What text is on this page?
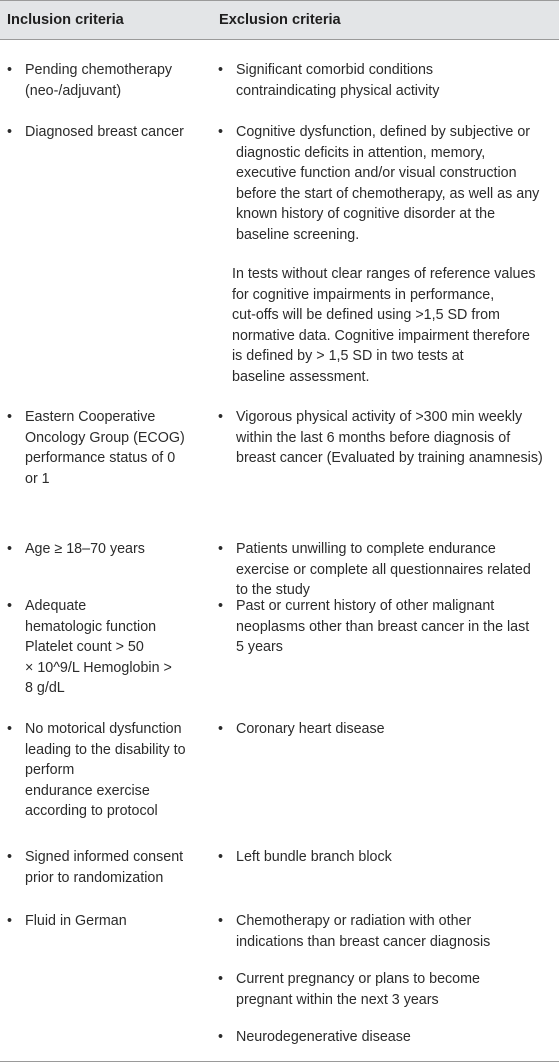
Inclusion criteria	Exclusion criteria
• Pending chemotherapy
(neo-/adjuvant)
• Diagnosed breast cancer
• Eastern Cooperative
Oncology Group (ECOG)
performance status of 0
or 1
• Age ≥ 18–70 years
• Adequate
hematologic function
Platelet count > 50
× 10^9/L Hemoglobin >
8 g/dL
• No motorical dysfunction
leading to the disability to
perform
endurance exercise
according to protocol
• Signed informed consent
prior to randomization
• Fluid in German
• Significant comorbid conditions
contraindicating physical activity
• Cognitive dysfunction, defined by subjective or
diagnostic deficits in attention, memory,
executive function and/or visual construction
before the start of chemotherapy, as well as any
known history of cognitive disorder at the
baseline screening.
• Vigorous physical activity of >300 min weekly
within the last 6 months before diagnosis of
breast cancer (Evaluated by training anamnesis)
• Patients unwilling to complete endurance
exercise or complete all questionnaires related
to the study
• Past or current history of other malignant
neoplasms other than breast cancer in the last
5 years
• Coronary heart disease
• Left bundle branch block
• Chemotherapy or radiation with other
indications than breast cancer diagnosis
• Current pregnancy or plans to become
pregnant within the next 3 years
• Neurodegenerative disease
In tests without clear ranges of reference values
for cognitive impairments in performance,
cut-offs will be defined using >1,5 SD from
normative data. Cognitive impairment therefore
is defined by > 1,5 SD in two tests at
baseline assessment.
